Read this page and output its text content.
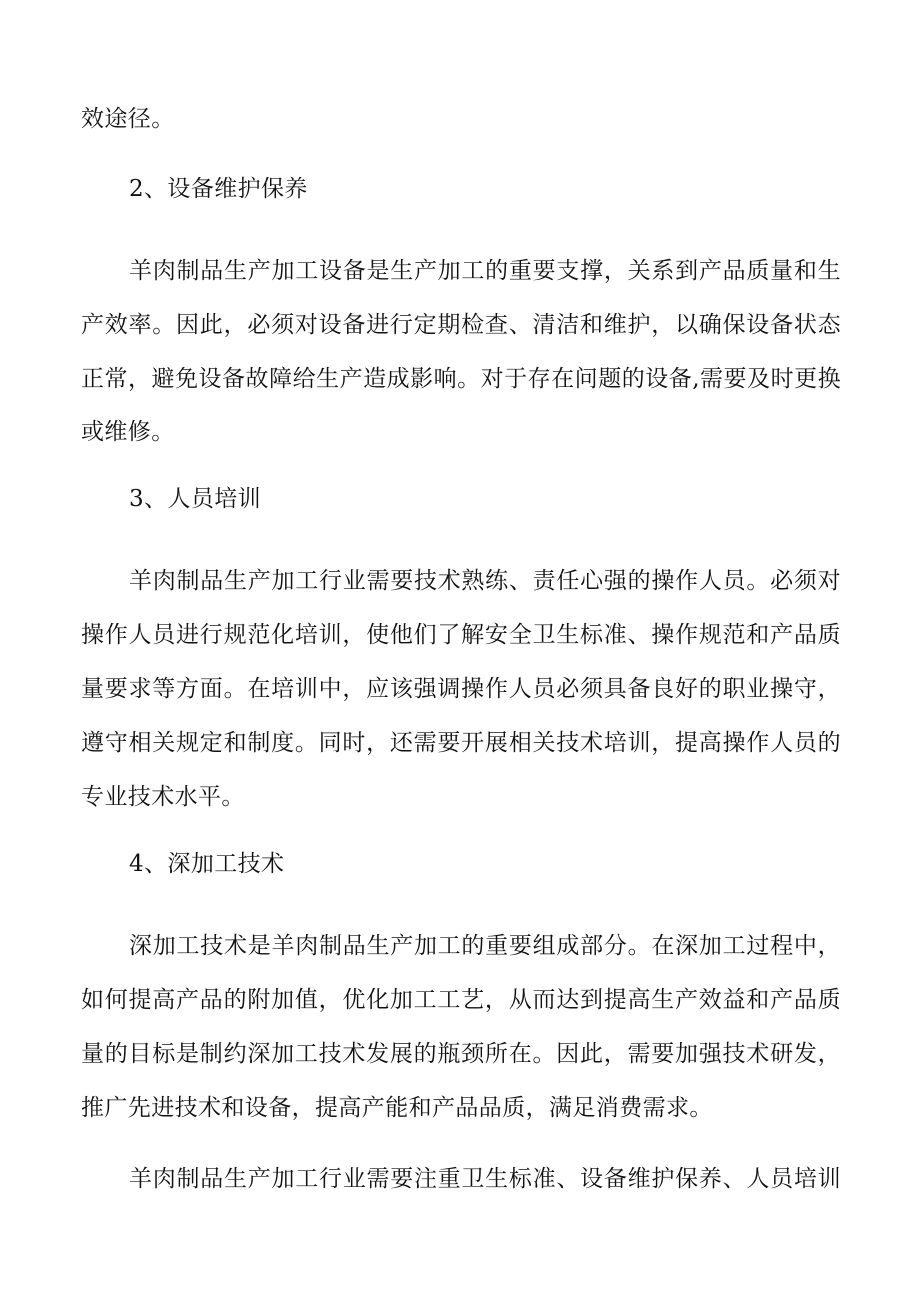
效途径。
2、设备维护保养
羊肉制品生产加工设备是生产加工的重要支撑，关系到产品质量和生
产效率。因此，必须对设备进行定期检查、清洁和维护，以确保设备状态
正常，避免设备故障给生产造成影响。对于存在问题的设备,需要及时更换
或维修。
3、人员培训
羊肉制品生产加工行业需要技术熟练、责任心强的操作人员。必须对
操作人员进行规范化培训，使他们了解安全卫生标准、操作规范和产品质
量要求等方面。在培训中，应该强调操作人员必须具备良好的职业操守，
遵守相关规定和制度。同时，还需要开展相关技术培训，提高操作人员的
专业技术水平。
4、深加工技术
深加工技术是羊肉制品生产加工的重要组成部分。在深加工过程中，
如何提高产品的附加值，优化加工工艺，从而达到提高生产效益和产品质
量的目标是制约深加工技术发展的瓶颈所在。因此，需要加强技术研发，
推广先进技术和设备，提高产能和产品品质，满足消费需求。
羊肉制品生产加工行业需要注重卫生标准、设备维护保养、人员培训
